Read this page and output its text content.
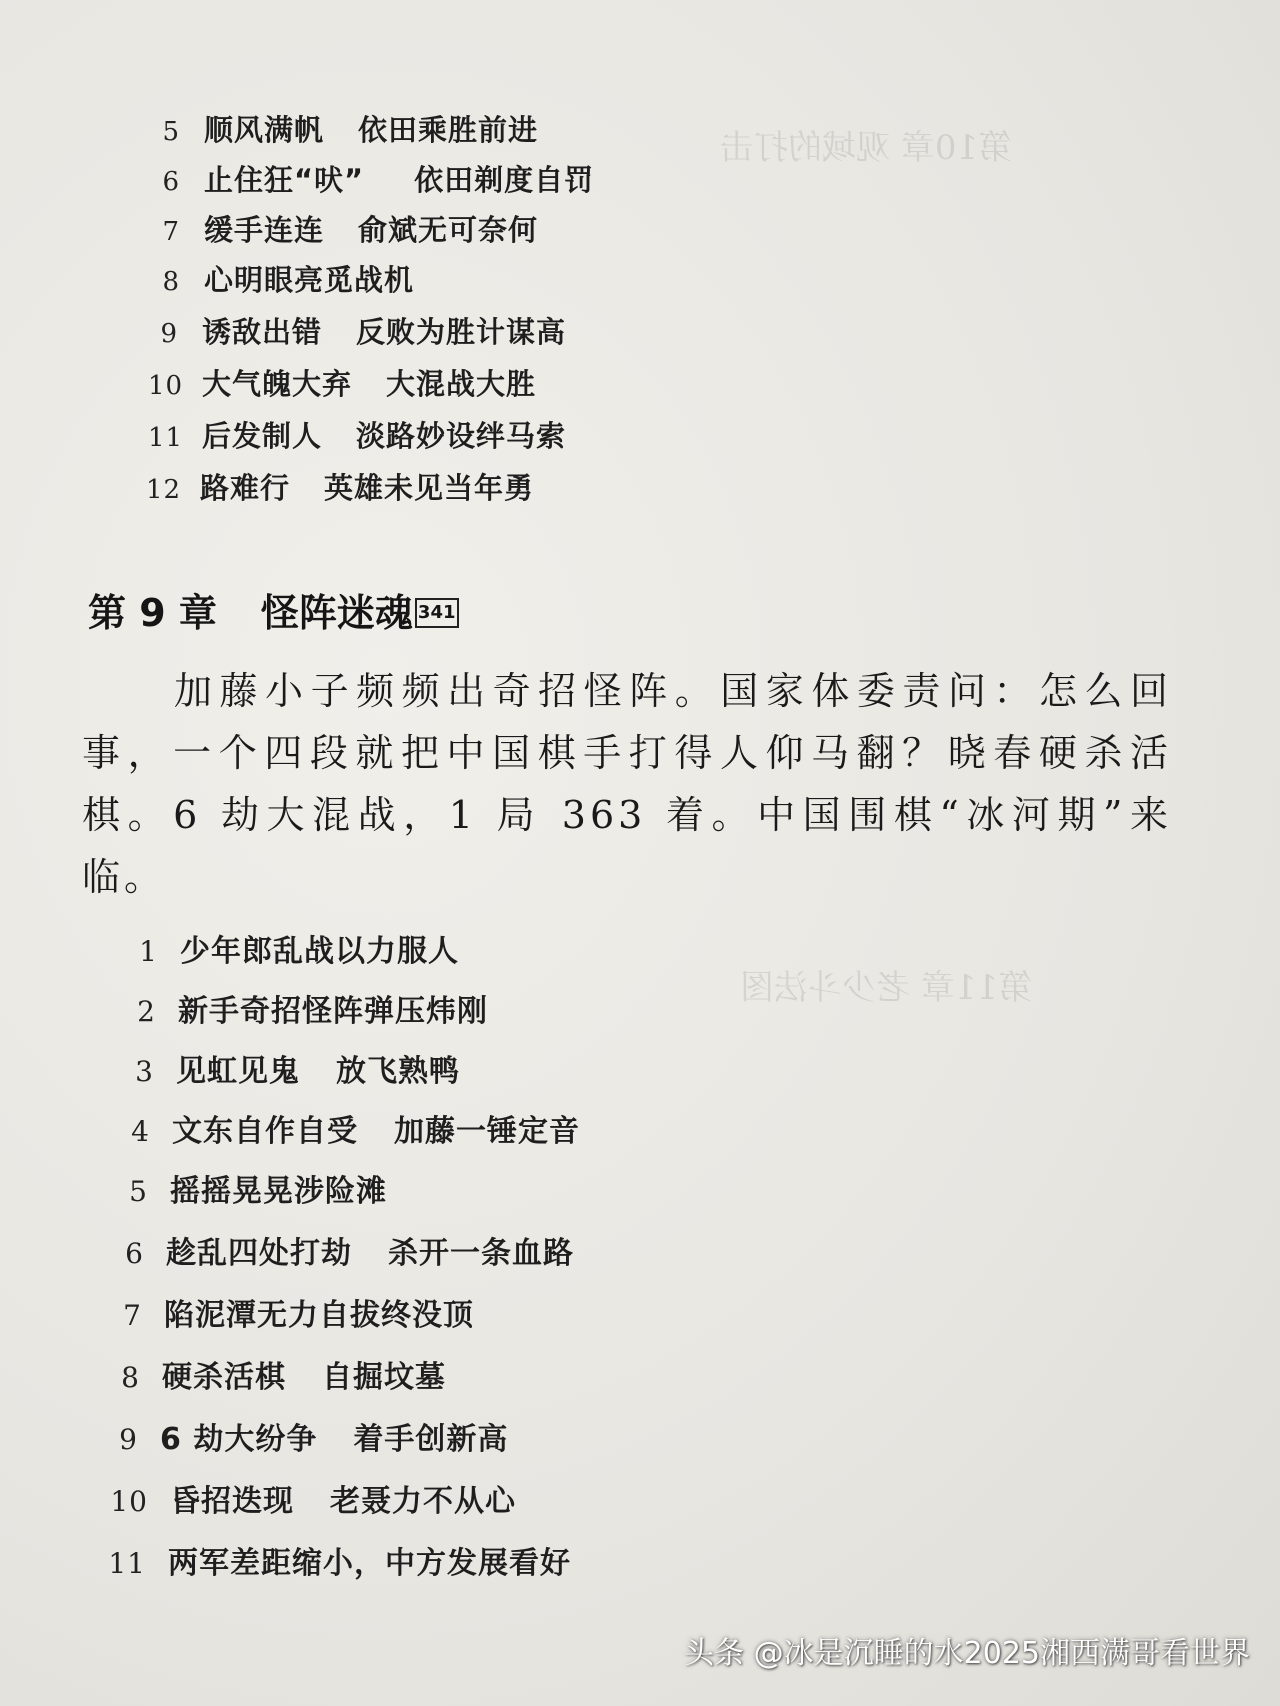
第10章 观域的打击
第11章 老少斗法图
5 顺风满帆 依田乘胜前进
6 止住狂“吠” 依田剃度自罚
7 缓手连连 俞斌无可奈何
8 心明眼亮觅战机
9 诱敌出错 反败为胜计谋高
10 大气魄大弃 大混战大胜
11 后发制人 淡路妙设绊马索
12 路难行 英雄未见当年勇
第 9 章 怪阵迷魂 341
加藤小子频频出奇招怪阵。国家体委责问：怎么回事，一个四段就把中国棋手打得人仰马翻？晓春硬杀活棋。6 劫大混战，1 局 363 着。中国围棋“冰河期”来临。
1 少年郎乱战以力服人
2 新手奇招怪阵弹压炜刚
3 见虹见鬼 放飞熟鸭
4 文东自作自受 加藤一锤定音
5 摇摇晃晃涉险滩
6 趁乱四处打劫 杀开一条血路
7 陷泥潭无力自拔终没顶
8 硬杀活棋 自掘坟墓
9 6 劫大纷争 着手创新高
10 昏招迭现 老聂力不从心
11 两军差距缩小，中方发展看好
头条 @冰是沉睡的水2025湘西满哥看世界
